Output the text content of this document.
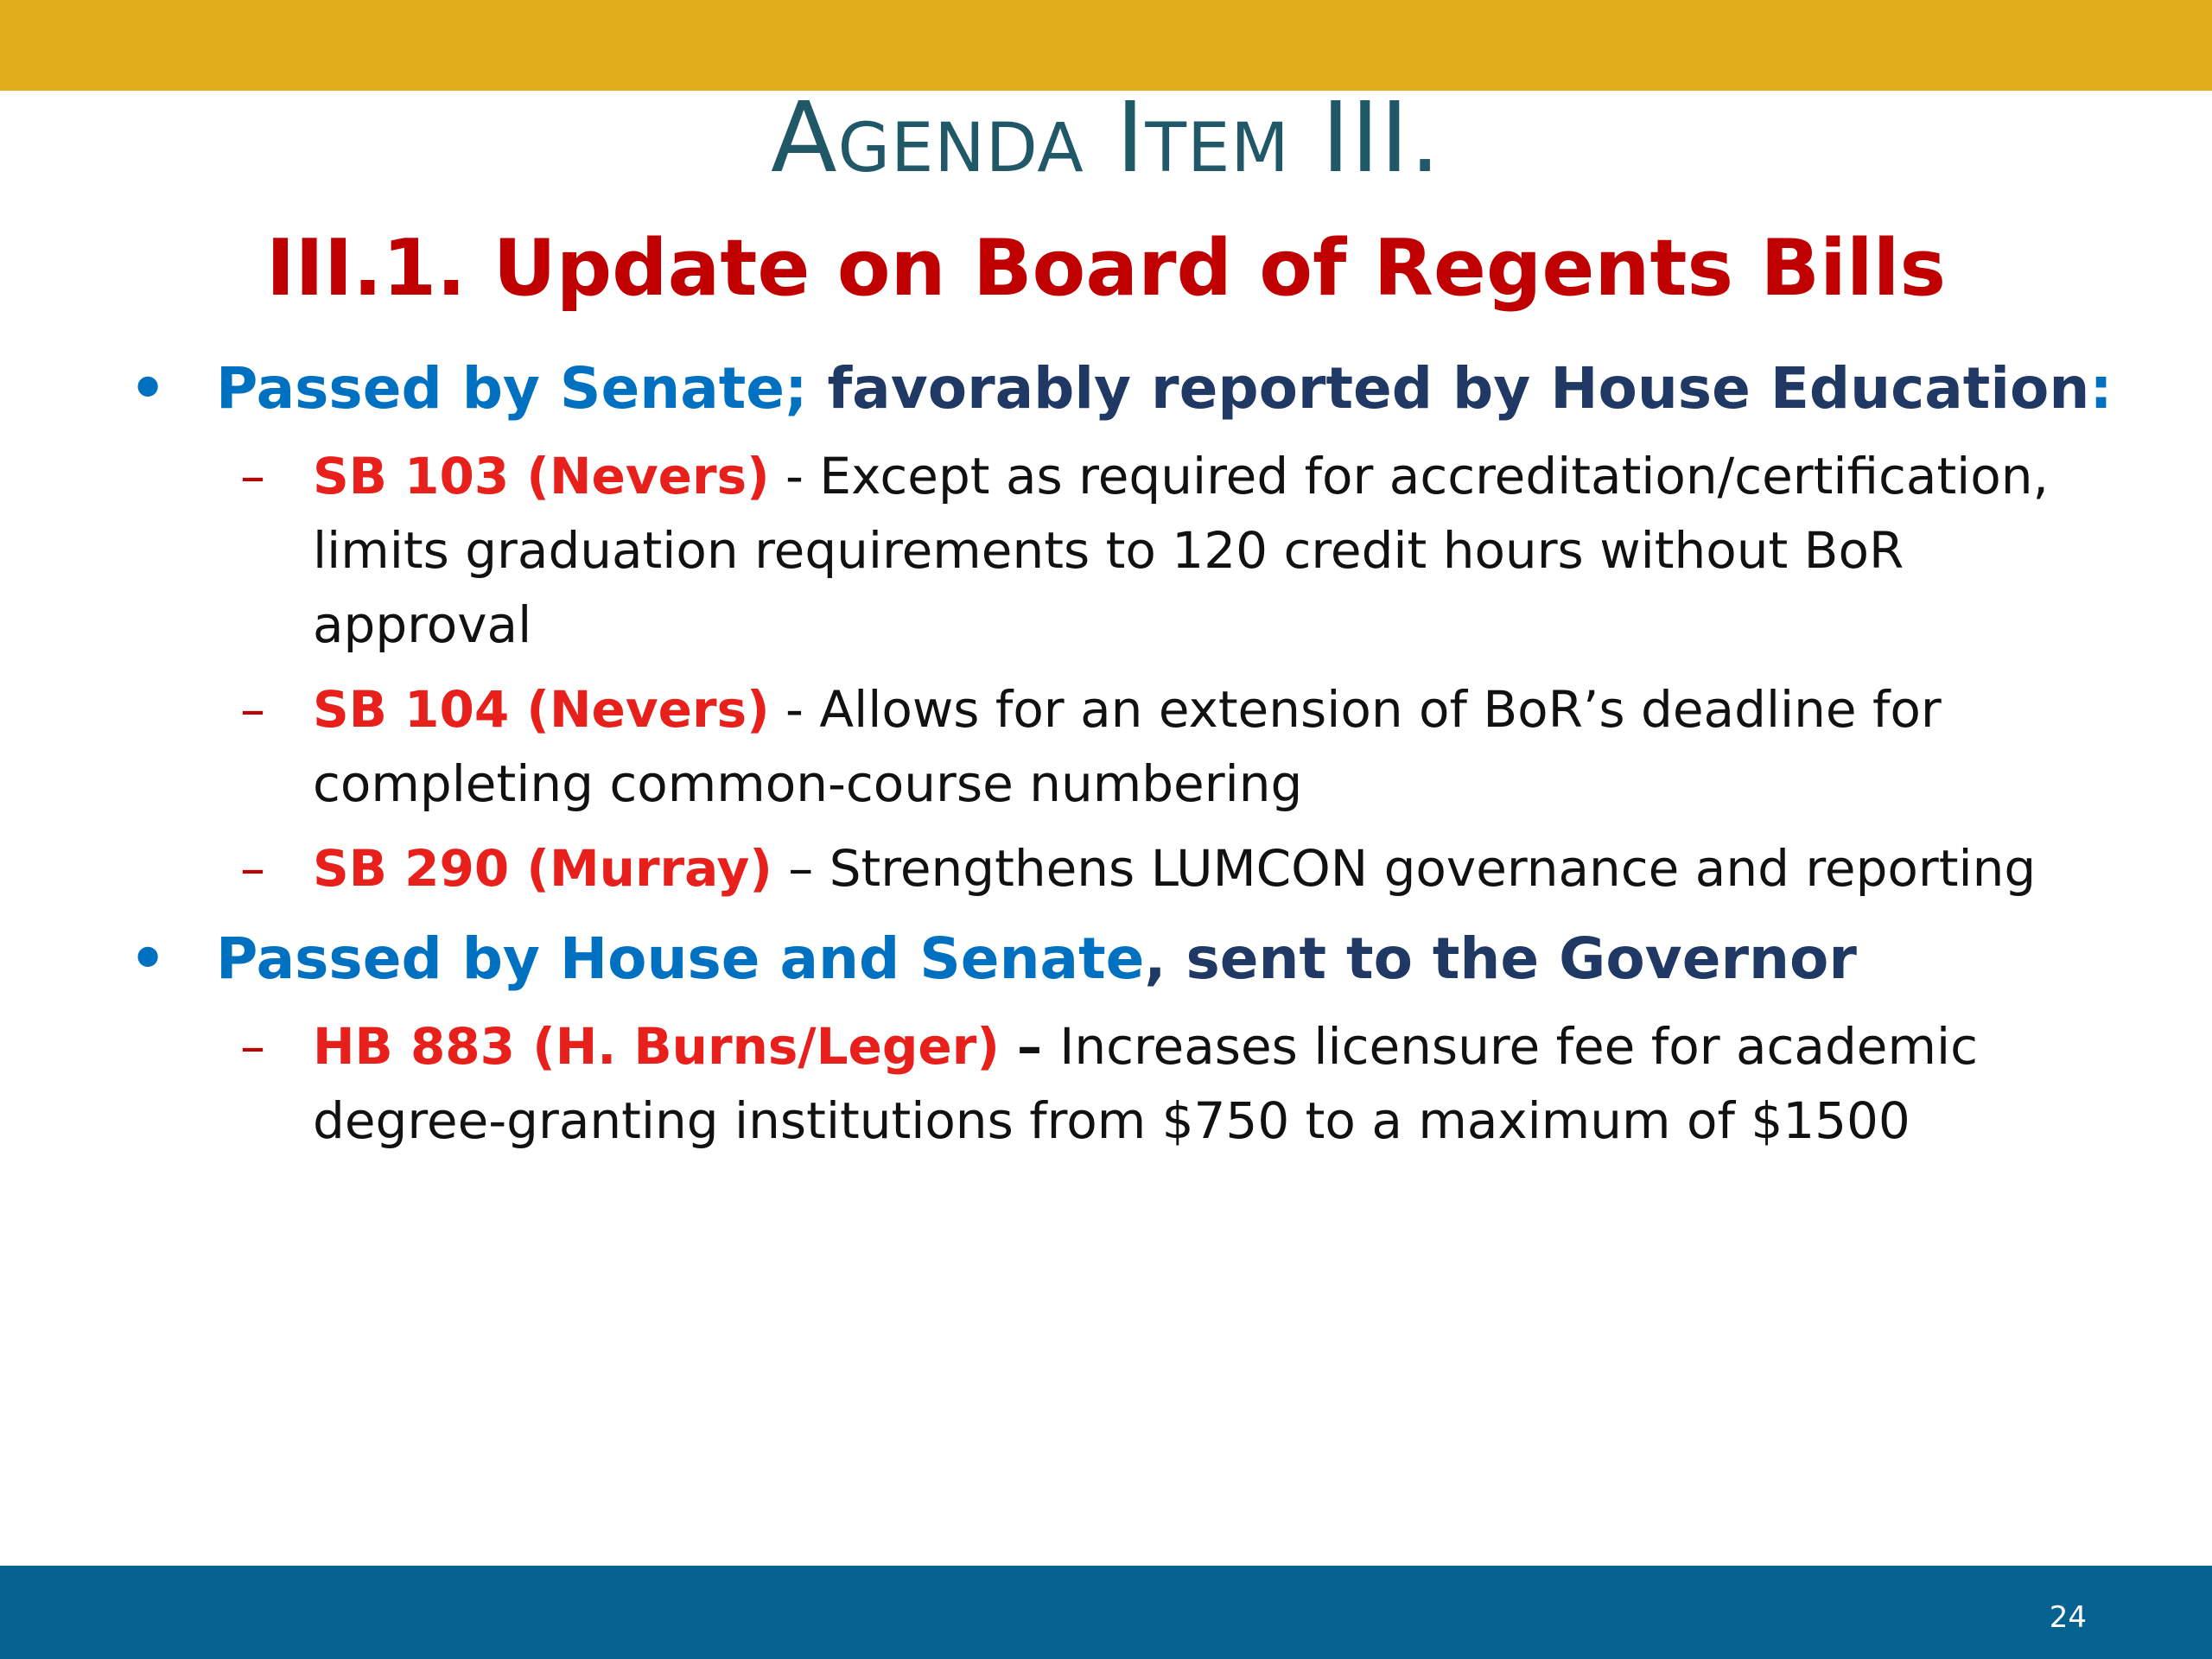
Agenda Item III.
III.1. Update on Board of Regents Bills
• Passed by Senate; favorably reported by House Education:
– SB 103 (Nevers) - Except as required for accreditation/certification, limits graduation requirements to 120 credit hours without BoR approval
– SB 104 (Nevers) - Allows for an extension of BoR’s deadline for completing common-course numbering
– SB 290 (Murray) – Strengthens LUMCON governance and reporting
• Passed by House and Senate, sent to the Governor
– HB 883 (H. Burns/Leger) – Increases licensure fee for academic degree-granting institutions from $750 to a maximum of $1500
24
